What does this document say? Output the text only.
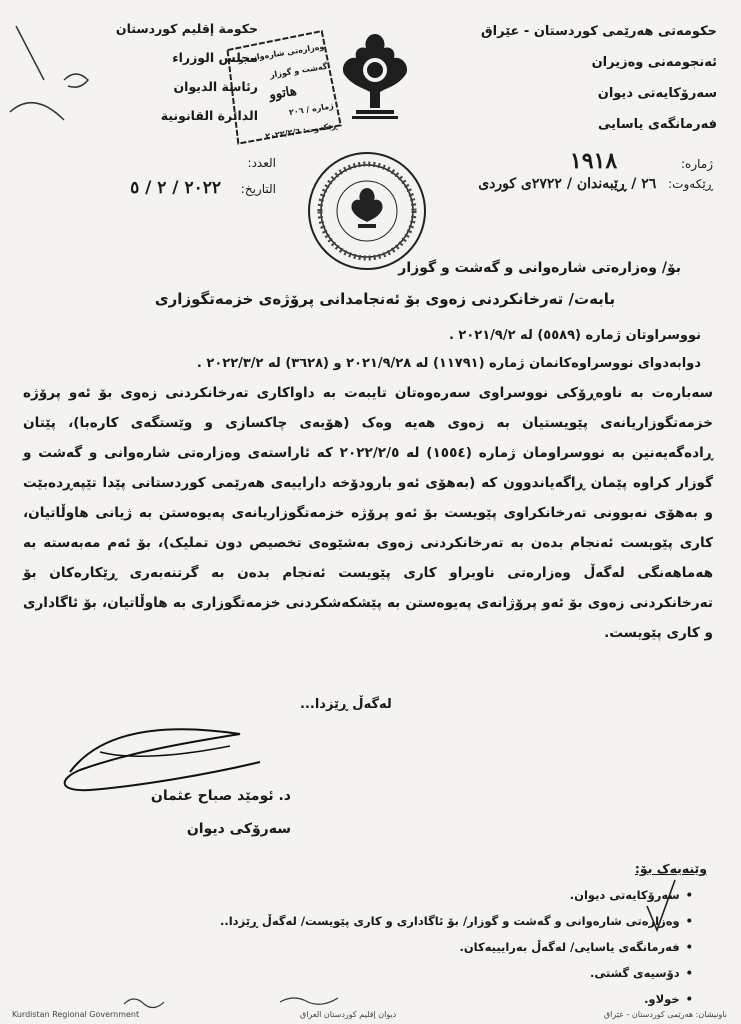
حکومەتی هەرێمی کوردستان - عێراق
ئەنجومەنی وەزیران
سەرۆکایەتی دیوان
فەرمانگەی یاسایی
حكومة إقليم كوردستان
مجلس الوزراء
رئاسة الديوان
الدائرة القانونية
وەزارەتی شارەوانی و گەشت و گوزار
هاتوو
ژمارە / ٢٠٦
ڕێکەوت: ٢٠٢٢/٢/٦
ژمارە: ١٩١٨
ڕێکەوت: ٢٦ / ڕێبەندان / ٢٧٢٢ی کوردی
العدد:
التاريخ: ٢٠٢٢ / ٢ / ٥
بۆ/ وەزارەتی شارەوانی و گەشت و گوزار
بابەت/ تەرخانکردنی زەوی بۆ ئەنجامدانی پرۆژەی خزمەتگوزاری
نووسراوتان ژمارە (٥٥٨٩) لە ٢٠٢١/٩/٢ .
دوابەدوای نووسراوەکانمان ژمارە (١١٧٩١) لە ٢٠٢١/٩/٢٨ و (٣٦٢٨) لە ٢٠٢٢/٣/٢ .
سەبارەت بە ناوەڕۆکی نووسراوی سەرەوەتان تایبەت بە داواکاری تەرخانکردنی زەوی بۆ ئەو پرۆژە خزمەتگوزاریانەی پێویستیان بە زەوی هەیە وەک (هۆبەی چاکسازی و وێستگەی کارەبا)، پێتان ڕادەگەیەنین بە نووسراومان ژمارە (١٥٥٤) لە ٢٠٢٢/٢/٥ کە ئاراستەی وەزارەتی شارەوانی و گەشت و گوزار کراوە پێمان ڕاگەیاندوون کە (بەهۆی ئەو بارودۆخە داراییەی هەرێمی کوردستانی پێدا تێپەڕدەبێت و بەهۆی نەبوونی تەرخانکراوی پێویست بۆ ئەو پرۆژە خزمەتگوزاریانەی پەیوەستن بە ژیانی هاوڵاتیان، کاری پێویست ئەنجام بدەن بە تەرخانکردنی زەوی بەشێوەی تخصیص دون تمليک)، بۆ ئەم مەبەستە بە هەماهەنگی لەگەڵ وەزارەتی ناوبراو کاری پێویست ئەنجام بدەن بە گرتنەبەری ڕێکارەکان بۆ تەرخانکردنی زەوی بۆ ئەو پرۆژانەی پەیوەستن بە پێشکەشکردنی خزمەتگوزاری بە هاوڵاتیان، بۆ ئاگاداری و کاری پێویست.
لەگەڵ ڕێزدا...
د. ئومێد صباح عثمان
سەرۆکی دیوان
وێنەیەک بۆ:
• سەرۆکایەتی دیوان.
• وەزارەتی شارەوانی و گەشت و گوزار/ بۆ ئاگاداری و کاری پێویست/ لەگەڵ ڕێزدا..
• فەرمانگەی یاسایی/ لەگەڵ بەرایییەکان.
• دۆسیەی گشتی.
• خولاو.
Kurdistan Regional Government	ديوان إقليم كوردستان العراق	ناونیشان: هەرێمی کوردستان - عێراق
